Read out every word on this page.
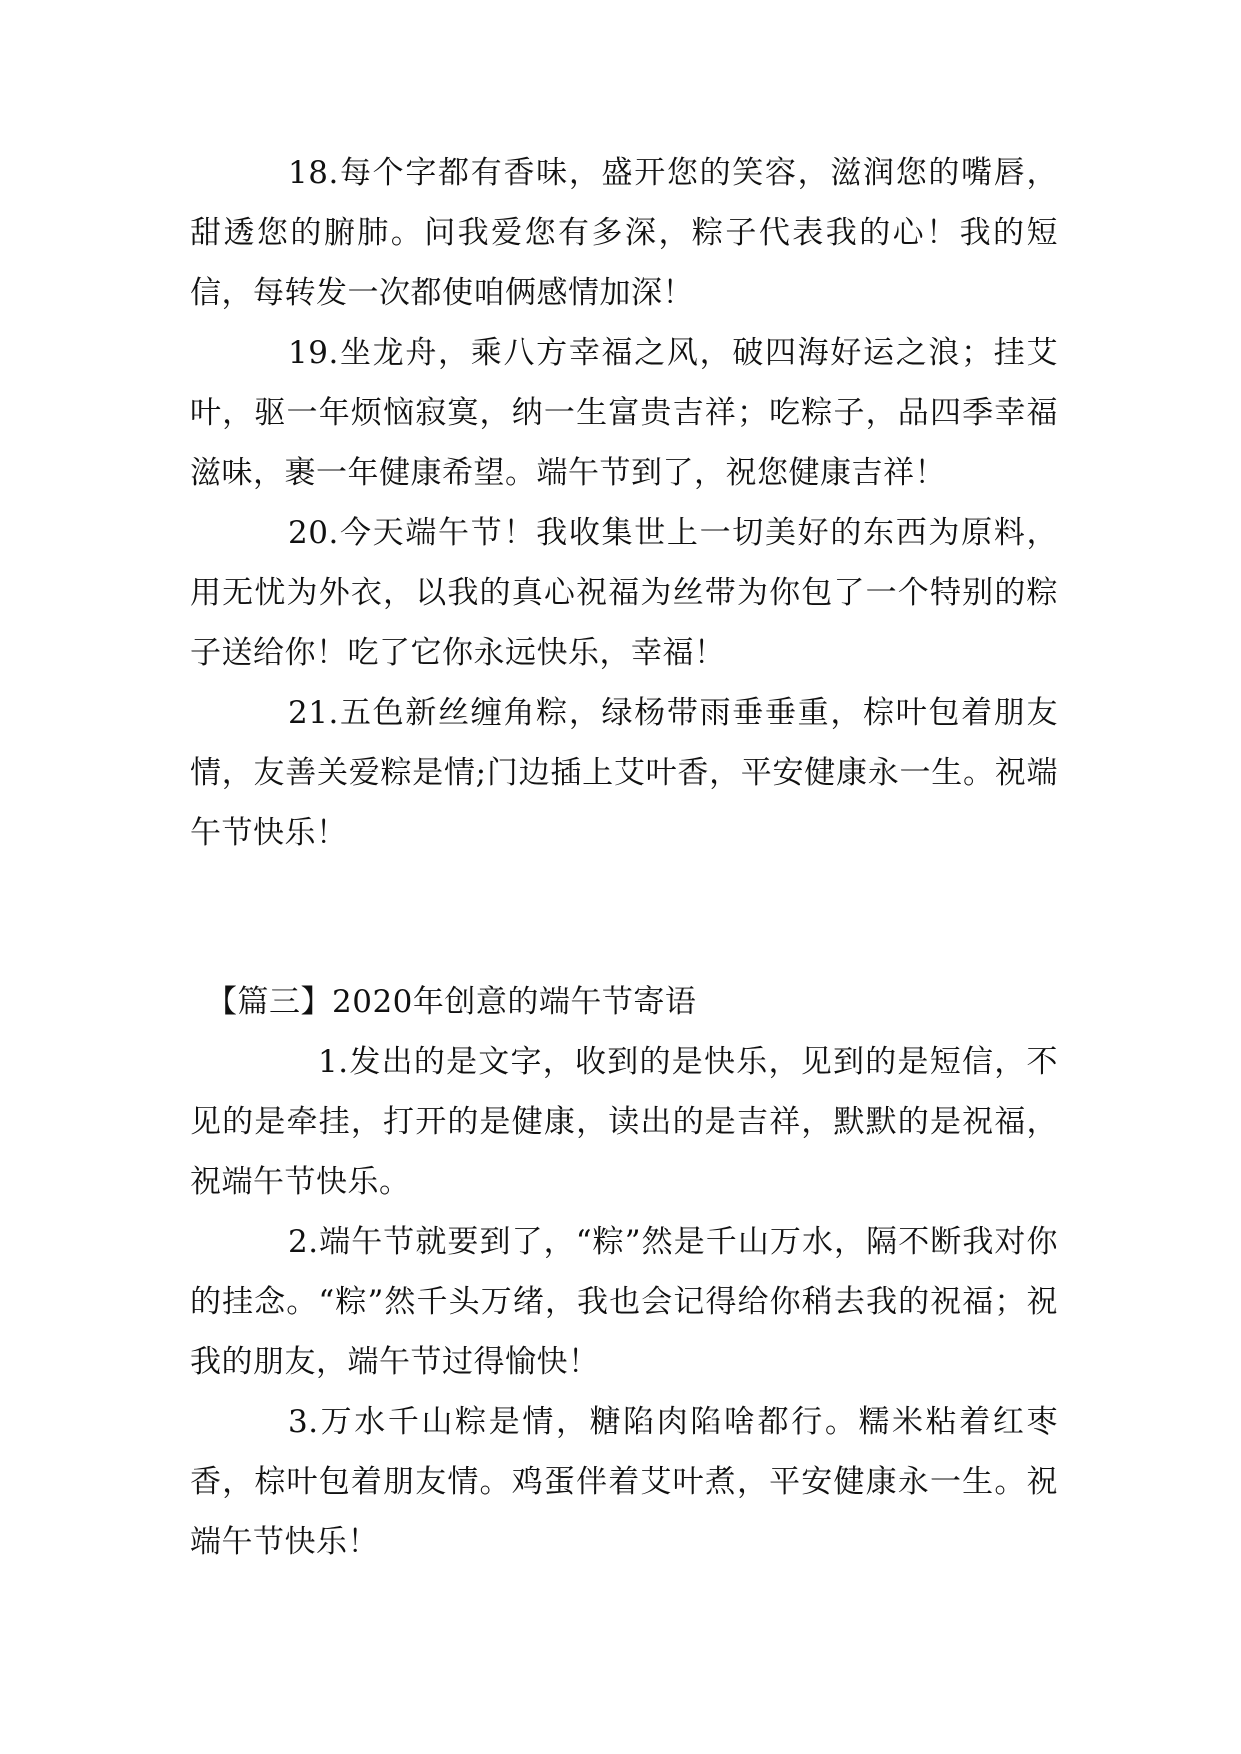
18.每个字都有香味，盛开您的笑容，滋润您的嘴唇，甜透您的腑肺。问我爱您有多深，粽子代表我的心！我的短信，每转发一次都使咱俩感情加深！

19.坐龙舟，乘八方幸福之风，破四海好运之浪；挂艾叶，驱一年烦恼寂寞，纳一生富贵吉祥；吃粽子，品四季幸福滋味，裹一年健康希望。端午节到了，祝您健康吉祥！

20.今天端午节！我收集世上一切美好的东西为原料，用无忧为外衣，以我的真心祝福为丝带为你包了一个特别的粽子送给你！吃了它你永远快乐，幸福！

21.五色新丝缠角粽，绿杨带雨垂垂重，棕叶包着朋友情，友善关爱粽是情;门边插上艾叶香，平安健康永一生。祝端午节快乐！

【篇三】2020年创意的端午节寄语

1.发出的是文字，收到的是快乐，见到的是短信，不见的是牵挂，打开的是健康，读出的是吉祥，默默的是祝福，祝端午节快乐。

2.端午节就要到了，“粽”然是千山万水，隔不断我对你的挂念。“粽”然千头万绪，我也会记得给你稍去我的祝福；祝我的朋友，端午节过得愉快！

3.万水千山粽是情，糖陷肉陷啥都行。糯米粘着红枣香，棕叶包着朋友情。鸡蛋伴着艾叶煮，平安健康永一生。祝端午节快乐！
